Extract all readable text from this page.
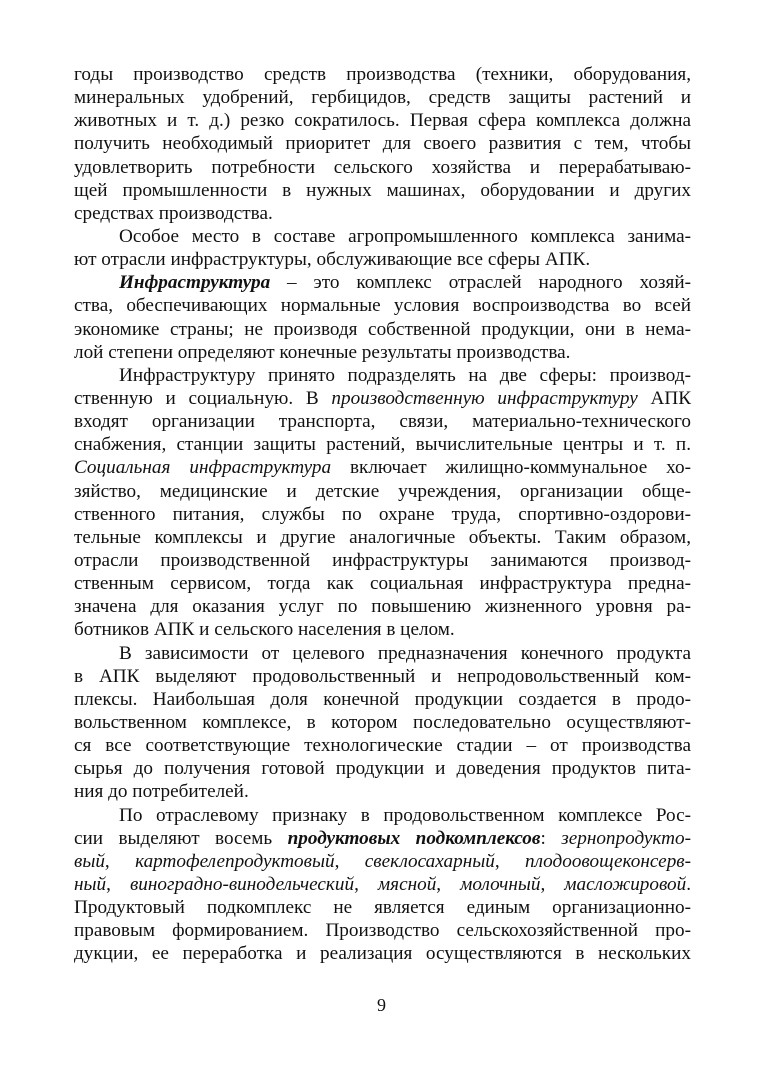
годы производство средств производства (техники, оборудования,
минеральных удобрений, гербицидов, средств защиты растений и
животных и т. д.) резко сократилось. Первая сфера комплекса должна
получить необходимый приоритет для своего развития с тем, чтобы
удовлетворить потребности сельского хозяйства и перерабатываю-
щей промышленности в нужных машинах, оборудовании и других
средствах производства.
Особое место в составе агропромышленного комплекса занима-
ют отрасли инфраструктуры, обслуживающие все сферы АПК.
Инфраструктура – это комплекс отраслей народного хозяй-
ства, обеспечивающих нормальные условия воспроизводства во всей
экономике страны; не производя собственной продукции, они в нема-
лой степени определяют конечные результаты производства.
Инфраструктуру принято подразделять на две сферы: производ-
ственную и социальную. В производственную инфраструктуру АПК
входят организации транспорта, связи, материально-технического
снабжения, станции защиты растений, вычислительные центры и т. п.
Социальная инфраструктура включает жилищно-коммунальное хо-
зяйство, медицинские и детские учреждения, организации обще-
ственного питания, службы по охране труда, спортивно-оздорови-
тельные комплексы и другие аналогичные объекты. Таким образом,
отрасли производственной инфраструктуры занимаются производ-
ственным сервисом, тогда как социальная инфраструктура предна-
значена для оказания услуг по повышению жизненного уровня ра-
ботников АПК и сельского населения в целом.
В зависимости от целевого предназначения конечного продукта
в АПК выделяют продовольственный и непродовольственный ком-
плексы. Наибольшая доля конечной продукции создается в продо-
вольственном комплексе, в котором последовательно осуществляют-
ся все соответствующие технологические стадии – от производства
сырья до получения готовой продукции и доведения продуктов пита-
ния до потребителей.
По отраслевому признаку в продовольственном комплексе Рос-
сии выделяют восемь продуктовых подкомплексов: зернопродукто-
вый, картофелепродуктовый, свеклосахарный, плодоовощеконсерв-
ный, виноградно-винодельческий, мясной, молочный, масложировой.
Продуктовый подкомплекс не является единым организационно-
правовым формированием. Производство сельскохозяйственной про-
дукции, ее переработка и реализация осуществляются в нескольких
9
